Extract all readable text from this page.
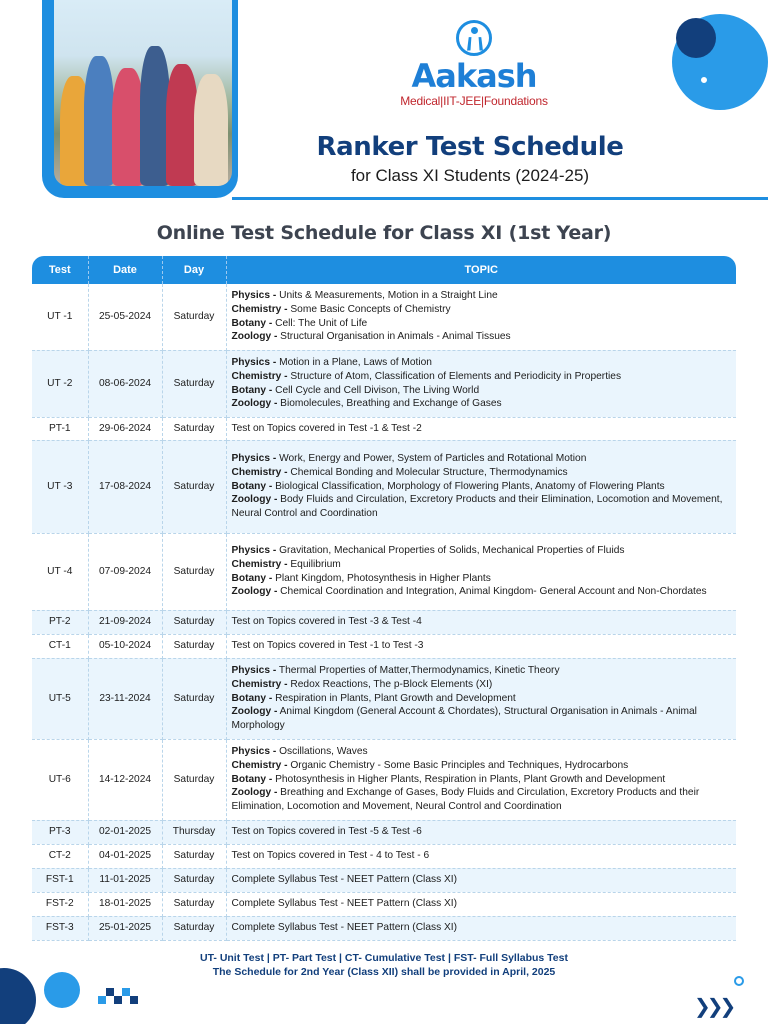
Aakash
Medical|IIT-JEE|Foundations
Ranker Test Schedule
for Class XI Students (2024-25)
Online Test Schedule for Class XI (1st Year)
Test	Date	Day	TOPIC
UT -1	25-05-2024	Saturday	Physics - Units & Measurements, Motion in a Straight Line
Chemistry - Some Basic Concepts of Chemistry
Botany - Cell: The Unit of Life
Zoology - Structural Organisation in Animals - Animal Tissues

UT -2	08-06-2024	Saturday	Physics - Motion in a Plane, Laws of Motion
Chemistry - Structure of Atom, Classification of Elements and Periodicity in Properties
Botany - Cell Cycle and Cell Divison, The Living World
Zoology - Biomolecules, Breathing and Exchange of Gases

PT-1	29-06-2024	Saturday	Test on Topics covered in Test -1 & Test -2

UT -3	17-08-2024	Saturday	Physics - Work, Energy and Power, System of Particles and Rotational Motion
Chemistry - Chemical Bonding and Molecular Structure, Thermodynamics
Botany - Biological Classification, Morphology of Flowering Plants, Anatomy of Flowering Plants
Zoology - Body Fluids and Circulation, Excretory Products and their Elimination, Locomotion and Movement, Neural Control and Coordination

UT -4	07-09-2024	Saturday	Physics - Gravitation, Mechanical Properties of Solids, Mechanical Properties of Fluids
Chemistry - Equilibrium
Botany - Plant Kingdom, Photosynthesis in Higher Plants
Zoology - Chemical Coordination and Integration, Animal Kingdom- General Account and Non-Chordates

PT-2	21-09-2024	Saturday	Test on Topics covered in Test -3 & Test -4

CT-1	05-10-2024	Saturday	Test on Topics covered in Test -1 to Test -3

UT-5	23-11-2024	Saturday	Physics - Thermal Properties of Matter,Thermodynamics, Kinetic Theory
Chemistry - Redox Reactions, The p-Block Elements (XI)
Botany - Respiration in Plants, Plant Growth and Development
Zoology - Animal Kingdom (General Account & Chordates), Structural Organisation in Animals - Animal Morphology

UT-6	14-12-2024	Saturday	Physics - Oscillations, Waves
Chemistry - Organic Chemistry - Some Basic Principles and Techniques, Hydrocarbons
Botany - Photosynthesis in Higher Plants, Respiration in Plants, Plant Growth and Development
Zoology - Breathing and Exchange of Gases, Body Fluids and Circulation, Excretory Products and their Elimination, Locomotion and Movement, Neural Control and Coordination

PT-3	02-01-2025	Thursday	Test on Topics covered in Test -5 & Test -6

CT-2	04-01-2025	Saturday	Test on Topics covered in Test - 4 to Test - 6

FST-1	11-01-2025	Saturday	Complete Syllabus Test - NEET Pattern (Class XI)

FST-2	18-01-2025	Saturday	Complete Syllabus Test - NEET Pattern (Class XI)

FST-3	25-01-2025	Saturday	Complete Syllabus Test - NEET Pattern (Class XI)
UT- Unit Test | PT- Part Test | CT- Cumulative Test | FST- Full Syllabus Test
The Schedule for 2nd Year (Class XII) shall be provided in April, 2025
❯❯❯
